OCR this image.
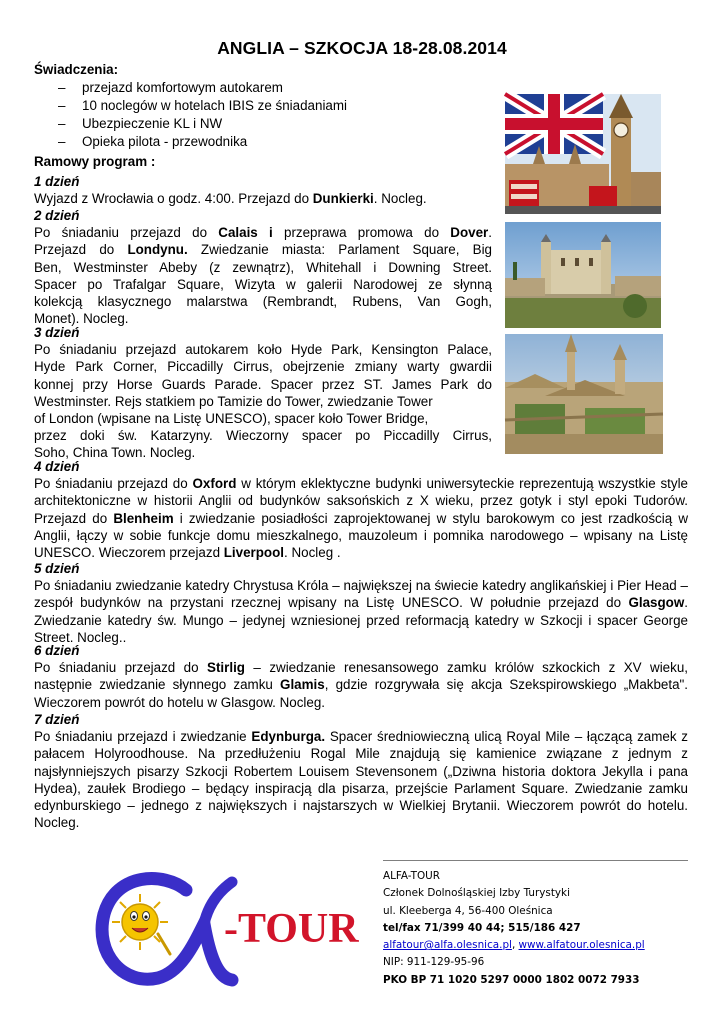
ANGLIA – SZKOCJA 18-28.08.2014
Świadczenia:
– przejazd komfortowym autokarem
– 10 noclegów w hotelach IBIS ze śniadaniami
– Ubezpieczenie KL i NW
– Opieka pilota - przewodnika
Ramowy program :
1 dzień
Wyjazd z Wrocławia o godz. 4:00. Przejazd do Dunkierki. Nocleg.
2 dzień
Po śniadaniu przejazd do Calais i przeprawa promowa do Dover.
Przejazd do Londynu. Zwiedzanie miasta: Parlament Square, Big
Ben, Westminster Abeby (z zewnątrz), Whitehall i Downing Street.
Spacer po Trafalgar Square, Wizyta w galerii Narodowej ze słynną
kolekcją klasycznego malarstwa (Rembrandt, Rubens, Van Gogh,
Monet). Nocleg.
3 dzień
Po śniadaniu przejazd autokarem koło Hyde Park, Kensington Palace,
Hyde Park Corner, Piccadilly Cirrus, obejrzenie zmiany warty gwardii
konnej przy Horse Guards Parade. Spacer przez ST. James Park do
Westminster. Rejs statkiem po Tamizie do Tower, zwiedzanie Tower
of London (wpisane na Listę UNESCO), spacer koło Tower Bridge,
przez doki św. Katarzyny. Wieczorny spacer po Piccadilly Cirrus,
Soho, China Town. Nocleg.
4 dzień
Po śniadaniu przejazd do Oxford w którym eklektyczne budynki uniwersyteckie reprezentują wszystkie style architektoniczne w historii Anglii od budynków saksońskich z X wieku, przez gotyk i styl epoki Tudorów. Przejazd do Blenheim i zwiedzanie posiadłości zaprojektowanej w stylu barokowym co jest rzadkością w Anglii, łączy w sobie funkcje domu mieszkalnego, mauzoleum i pomnika narodowego – wpisany na Listę UNESCO. Wieczorem przejazd Liverpool. Nocleg .
5 dzień
Po śniadaniu zwiedzanie katedry Chrystusa Króla – największej na świecie katedry anglikańskiej i Pier Head – zespół budynków na przystani rzecznej wpisany na Listę UNESCO. W południe przejazd do Glasgow. Zwiedzanie katedry św. Mungo – jedynej wzniesionej przed reformacją katedry w Szkocji i spacer George Street. Nocleg..
6 dzień
Po śniadaniu przejazd do Stirlig – zwiedzanie renesansowego zamku królów szkockich z XV wieku, następnie zwiedzanie słynnego zamku Glamis, gdzie rozgrywała się akcja Szekspirowskiego „Makbeta". Wieczorem powrót do hotelu w Glasgow. Nocleg.
7 dzień
Po śniadaniu przejazd i zwiedzanie Edynburga. Spacer średniowieczną ulicą Royal Mile – łączącą zamek z pałacem Holyroodhouse. Na przedłużeniu Rogal Mile znajdują się kamienice związane z jednym z najsłynniejszych pisarzy Szkocji Robertem Louisem Stevensonem („Dziwna historia doktora Jekylla i pana Hydea), zaułek Brodiego – będący inspiracją dla pisarza, przejście Parlament Square. Zwiedzanie zamku edynburskiego – jednego z największych i najstarszych w Wielkiej Brytanii. Wieczorem powrót do hotelu. Nocleg.
-TOUR
ALFA-TOUR
Członek Dolnośląskiej Izby Turystyki
ul. Kleeberga 4, 56-400 Oleśnica
tel/fax 71/399 40 44; 515/186 427
alfatour@alfa.olesnica.pl, www.alfatour.olesnica.pl
NIP: 911-129-95-96
PKO BP 71 1020 5297 0000 1802 0072 7933
